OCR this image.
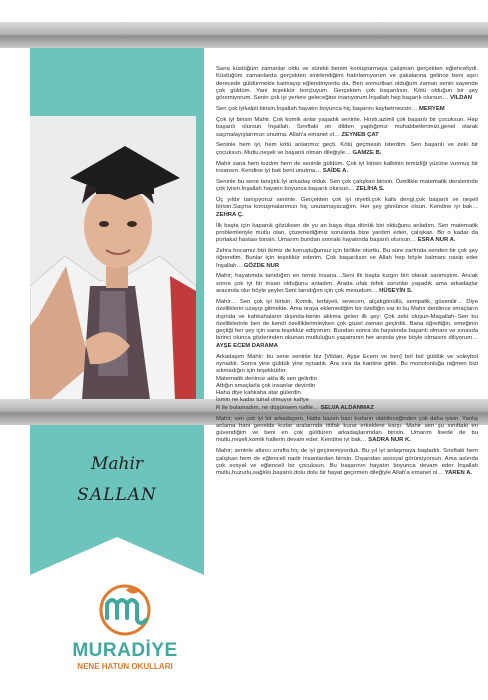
Mahir
SALLAN
MURADİYE
NENE HATUN OKULLARI

Sana küstüğüm zamanlar oldu ve sürekli benim konuşturmaya çalışman gerçekten eğlenceliydi. Küstüğüm zamanlarda gerçekten sinirlendiğimi hatırlamıyorum ve şakalarına gelince beni aşırı derecede güldürmekle kalmayıp eğlendiriyordu da. Ben somurtkan olduğum zaman senin sayende çok güldüm. Yani teşekkür borçluyum. Gerçekten çok başarılısın. Kötü olduğun bir şey göremiyorum. Senin çok iyi yerlere geleceğine inanıyorum.İnşallah hep başarılı olursun… VİLDAN

Sen çok iyikalpli birisin.İnşallah hayatın boyunca hiç başarını kaybetmezsin… MERYEM

Çok iyi birisin Mahir. Çok komik anlar yaşadık seninle. Hırslı,azimli çok başarılı bir çocuksun. Hep başarılı olursun İnşallah. Sınıftaki on dilden yaptığımız muhabbetlerimizi,genel olarak saçmalayışlarımızı unutma. Allah'a emanet ol… ZEYNEB ÇAT

Seninle hem iyi, hem kötü anlarımız geçti. Kötü geçmesin isterdim. Sen başarılı ve zeki bir çocuksun. Mutlu,neşeli ve başarılı olman dileğiyle… GAMZE B.

Mahir sana hem kızdım hem de seninle güldüm. Çok iyi birisin kalbinin temizliği yüzüne vurmuş bir insansın. Kendine iyi bak beni unutma… SAİDE A.

Seninle bu sene tanıştık.İyi arkadaş olduk. Sen çok çalışkan birisin. Özellikle matematik derslerinde çok iyisin.İnşallah hayatın boyunca başarılı olursun… ZELİHA S.

Üç yıldır tanışıyoruz seninle. Gerçekten çok iyi niyetli,çok kafa dengi,çok başarılı ve neşeli birisin.Saçma konuşmalarımızı hiç unutamayacağım. Her şey gönlünce olsun. Kendine iyi bak… ZEHRA Ç.

İlk başta için kapanık gözüksen de yu an baya dışa dönük biri olduğunu anladım. Sen matematik problemleriyle mutlu olan, çözemediğimiz sorularda bize yardım eden, çalışkan. Bir o kadar da portakal hastası birisin. Umarım bundan sonraki hayatında başarılı olursun… ESRA NUR A.

Zehra hocamız bizi ikimiz de konuştuğumuz için birlikte oturttu. Bu süre zarfında senden bir çok şey öğrendim. Bunlar için teşekkür ederim. Çok başarılısın ve Allah hep böyle kalmanı nasip eder İnşallah… GÖZDE NUR

Mahir; hayatımda tanıdığım en temiz insana…Seni ilk başta kızgın biri olarak sanmıştım. Ancak sonra çok iyi bir insan olduğunu anladım. Arada ufak tefek sorunlar yaşadık ama arkadaşlar arasında olur böyle şeyler.Seni tanıdığım için çok mesudum… HÜSEYİN S.

Mahir… Sen çok iyi birisin. Komik, terbiyeli, sevecen, alçakgönüllü, sempatik, güvenilir… Diye özelliklerin uzayıp gitmekte. Ama oraya eklemediğim bir özelliğin var ki bu Mahir denilince smaçların dışında ve kahkahaların dışında-benin aklıma gelen ilk şey: Çok zeki oluşun-Maşallah-.Sen bu özelliklerinle ben de kendi özelliklerimleyken çok güzel zaman geçirdik. Bana öğrettiğin, emeğinin geçtiği her şey için sana teşekkür ediyorum. Bundan sonra da hayatında başarılı olmanı ve sınavda birinci olunca gözlerinden okunan mutluluğun yaşamının her anında yine böyle olmasını diliyorum… AYŞE ECEM DARAMA

Arkadaşım Mahir; bu sene seninle biz [Vildan, Ayşe Ecem ve ben] bol bol güldük ve voleybol oynadık. Sonra yine güldük yine oynadık. Ara sıra da kantine gittik. Bu monotonluğa rağmen bizi sıkmadığın için teşekkürler.
Matematik denince akla ilk sen gelirdin
Attığın smaçlarla çok insanlar devirdin
Haha diye kahkaha atar gülerdin
İsmin ne kadar tuhaf olmuyor kafiye
R ile bulamadım, ne düşünsem nafile… SELVA ALDANMAZ

Mahir; sen çok iyi bir arkadaşsın. Hatta bazen bazı kızların olabileceğinden çok daha iyisin. Yanlış anlama hani genelde kızlar aralarında ittifak kurar erkeklere karşı. Mahir sen şu sınıftaki en güvendiğim ve beni en çok güldüren arkadaşlarımdan birisin. Umarım lisede de bu mutlu,neşeli,komik hallerin devam eder. Kendine iyi bak… SADRA NUR K.

Mahir; seninle altıncı sınıfta hiç de iyi geçinemiyorduk. Bu yıl iyi anlaşmaya başladık. Sınıftaki hem çalışkan hem de eğlenceli nadir insanlardan birisin. Dışarıdan asosyal görünüyorsun. Ama aslında çok sosyal ve eğlenceli bir çocuksun. Bu başarının hayatın boyunca devam eder İnşallah mutlu,huzurlu,sağlıklı,başarılı,dolu dolu bir hayat geçirmen dileğiyle Allah'a emanet ol… YAREN A.
